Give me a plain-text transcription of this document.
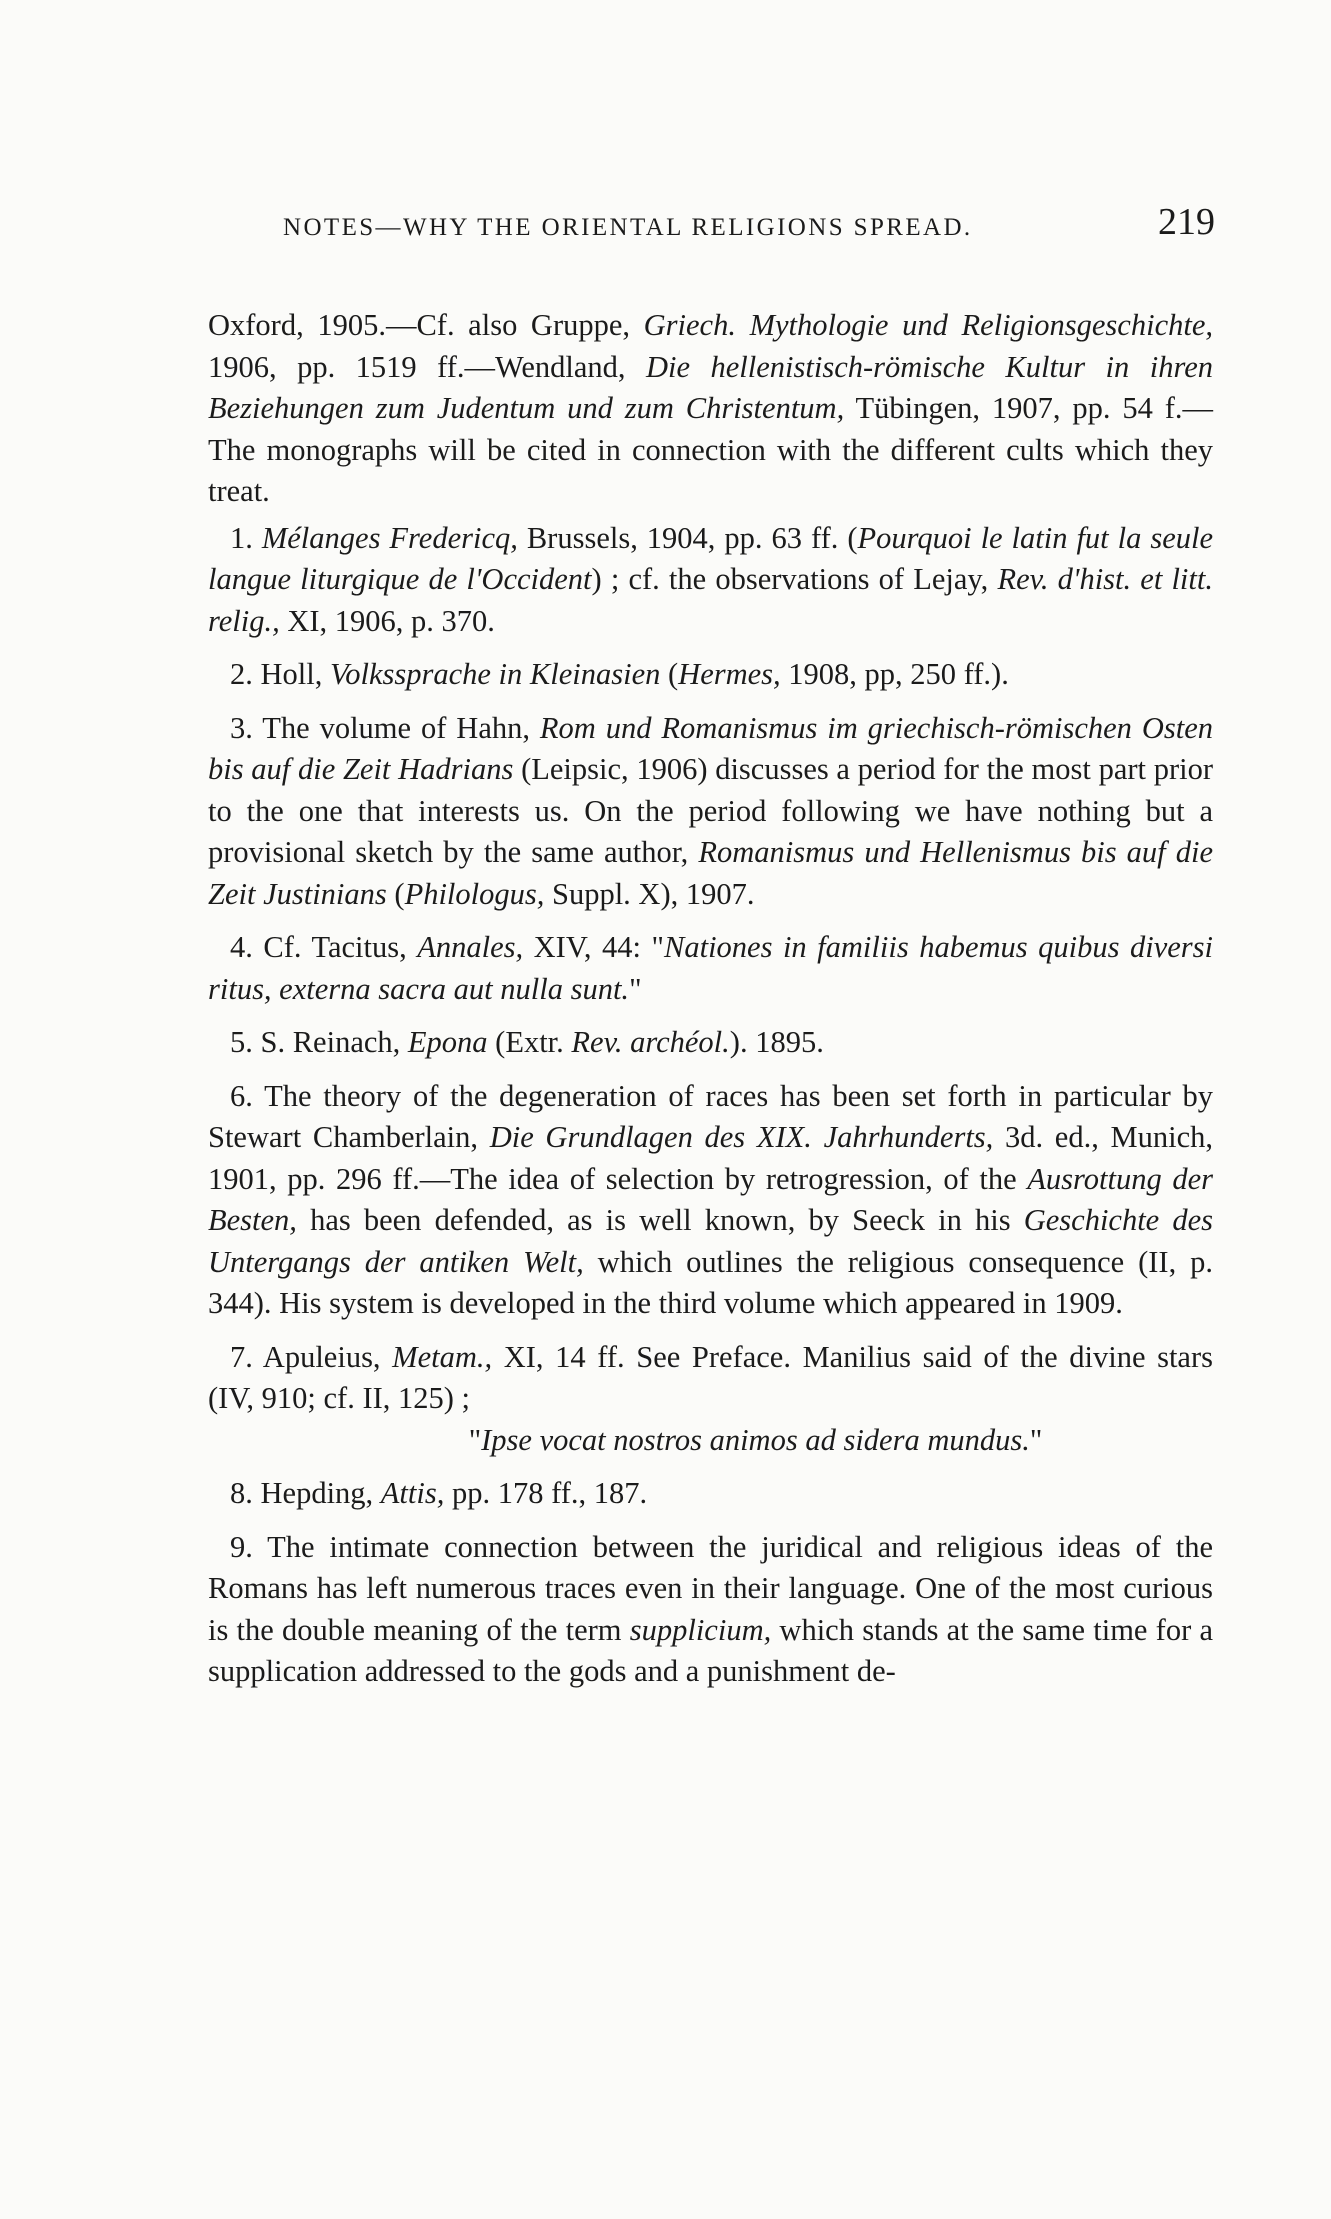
NOTES—WHY THE ORIENTAL RELIGIONS SPREAD.	219

Oxford, 1905.—Cf. also Gruppe, Griech. Mythologie und Religionsgeschichte, 1906, pp. 1519 ff.—Wendland, Die hellenistisch-römische Kultur in ihren Beziehungen zum Judentum und zum Christentum, Tübingen, 1907, pp. 54 f.—The monographs will be cited in connection with the different cults which they treat.

1. Mélanges Fredericq, Brussels, 1904, pp. 63 ff. (Pourquoi le latin fut la seule langue liturgique de l'Occident) ; cf. the observations of Lejay, Rev. d'hist. et litt. relig., XI, 1906, p. 370.

2. Holl, Volkssprache in Kleinasien (Hermes, 1908, pp, 250 ff.).

3. The volume of Hahn, Rom und Romanismus im griechisch-römischen Osten bis auf die Zeit Hadrians (Leipsic, 1906) discusses a period for the most part prior to the one that interests us. On the period following we have nothing but a provisional sketch by the same author, Romanismus und Hellenismus bis auf die Zeit Justinians (Philologus, Suppl. X), 1907.

4. Cf. Tacitus, Annales, XIV, 44: "Nationes in familiis habemus quibus diversi ritus, externa sacra aut nulla sunt."

5. S. Reinach, Epona (Extr. Rev. archéol.). 1895.

6. The theory of the degeneration of races has been set forth in particular by Stewart Chamberlain, Die Grundlagen des XIX. Jahrhunderts, 3d. ed., Munich, 1901, pp. 296 ff.—The idea of selection by retrogression, of the Ausrottung der Besten, has been defended, as is well known, by Seeck in his Geschichte des Untergangs der antiken Welt, which outlines the religious consequence (II, p. 344). His system is developed in the third volume which appeared in 1909.

7. Apuleius, Metam., XI, 14 ff. See Preface. Manilius said of the divine stars (IV, 910; cf. II, 125) ;

"Ipse vocat nostros animos ad sidera mundus."

8. Hepding, Attis, pp. 178 ff., 187.

9. The intimate connection between the juridical and religious ideas of the Romans has left numerous traces even in their language. One of the most curious is the double meaning of the term supplicium, which stands at the same time for a supplication addressed to the gods and a punishment de-
